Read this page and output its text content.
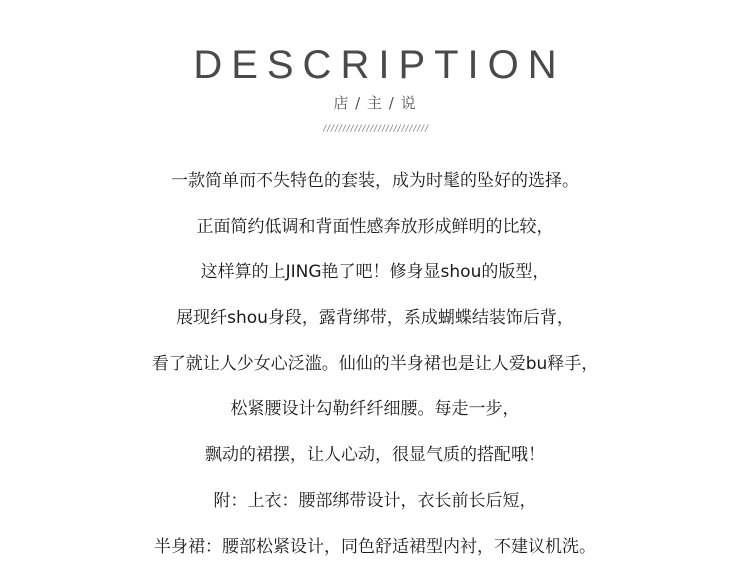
DESCRIPTION
店 / 主 / 说
///////////////////////////
一款简单而不失特色的套装，成为时髦的坠好的选择。
正面简约低调和背面性感奔放形成鲜明的比较，
这样算的上JING艳了吧！修身显shou的版型，
展现纤shou身段，露背绑带，系成蝴蝶结装饰后背，
看了就让人少女心泛滥。仙仙的半身裙也是让人爱bu释手，
松紧腰设计勾勒纤纤细腰。每走一步，
飘动的裙摆，让人心动，很显气质的搭配哦！
附：上衣：腰部绑带设计，衣长前长后短，
半身裙：腰部松紧设计，同色舒适裙型内衬，不建议机洗。
